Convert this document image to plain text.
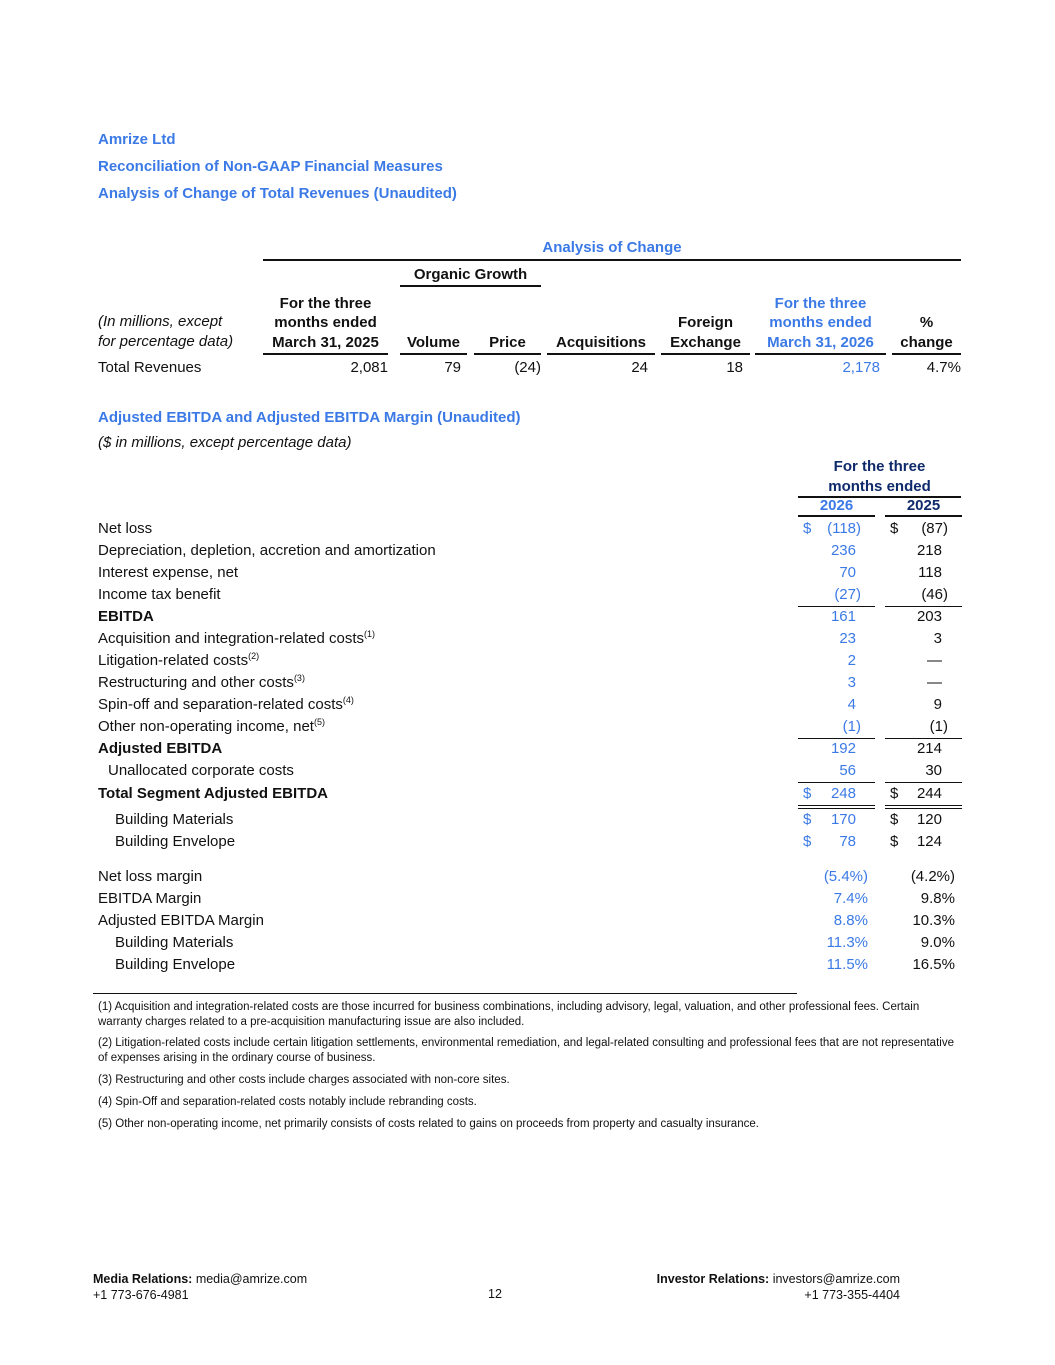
Amrize Ltd
Reconciliation of Non-GAAP Financial Measures
Analysis of Change of Total Revenues (Unaudited)
Analysis of Change
Organic Growth
(In millions, except
for percentage data)
For the three
months ended
March 31, 2025	Volume	Price	Acquisitions
Foreign
Exchange
For the three
months ended
March 31, 2026
%
change
Total Revenues	2,081	79	(24)	24	18	2,178	4.7%
Adjusted EBITDA and Adjusted EBITDA Margin (Unaudited)
($ in millions, except percentage data)
For the three
months ended
2026	2025
Net loss	$ (118) $ (87)
Depreciation, depletion, accretion and amortization	236	218
Interest expense, net	70	118
Income tax benefit	(27)	(46)
EBITDA	161	203
Acquisition and integration-related costs$^{(1)}$	23	3
Litigation-related costs$^{(2)}$	2	—
Restructuring and other costs$^{(3)}$	3	—
Spin-off and separation-related costs$^{(4)}$	4	9
Other non-operating income, net$^{(5)}$	(1)	(1)
Adjusted EBITDA	192	214
Unallocated corporate costs	56	30
Total Segment Adjusted EBITDA	$ 248 $ 244
Building Materials	$ 170 $ 120
Building Envelope	$ 78 $ 124
Net loss margin	(5.4%)	(4.2%)
EBITDA Margin	7.4%	9.8%
Adjusted EBITDA Margin	8.8%	10.3%
Building Materials	11.3%	9.0%
Building Envelope	11.5%	16.5%
(1) Acquisition and integration-related costs are those incurred for business combinations, including advisory, legal, valuation, and other professional fees. Certain warranty charges related to a pre-acquisition manufacturing issue are also included.
(2) Litigation-related costs include certain litigation settlements, environmental remediation, and legal-related consulting and professional fees that are not representative of expenses arising in the ordinary course of business.
(3) Restructuring and other costs include charges associated with non-core sites.
(4) Spin-Off and separation-related costs notably include rebranding costs.
(5) Other non-operating income, net primarily consists of costs related to gains on proceeds from property and casualty insurance.
Media Relations: media@amrize.com
+1 773-676-4981	12
Investor Relations: investors@amrize.com
+1 773-355-4404
